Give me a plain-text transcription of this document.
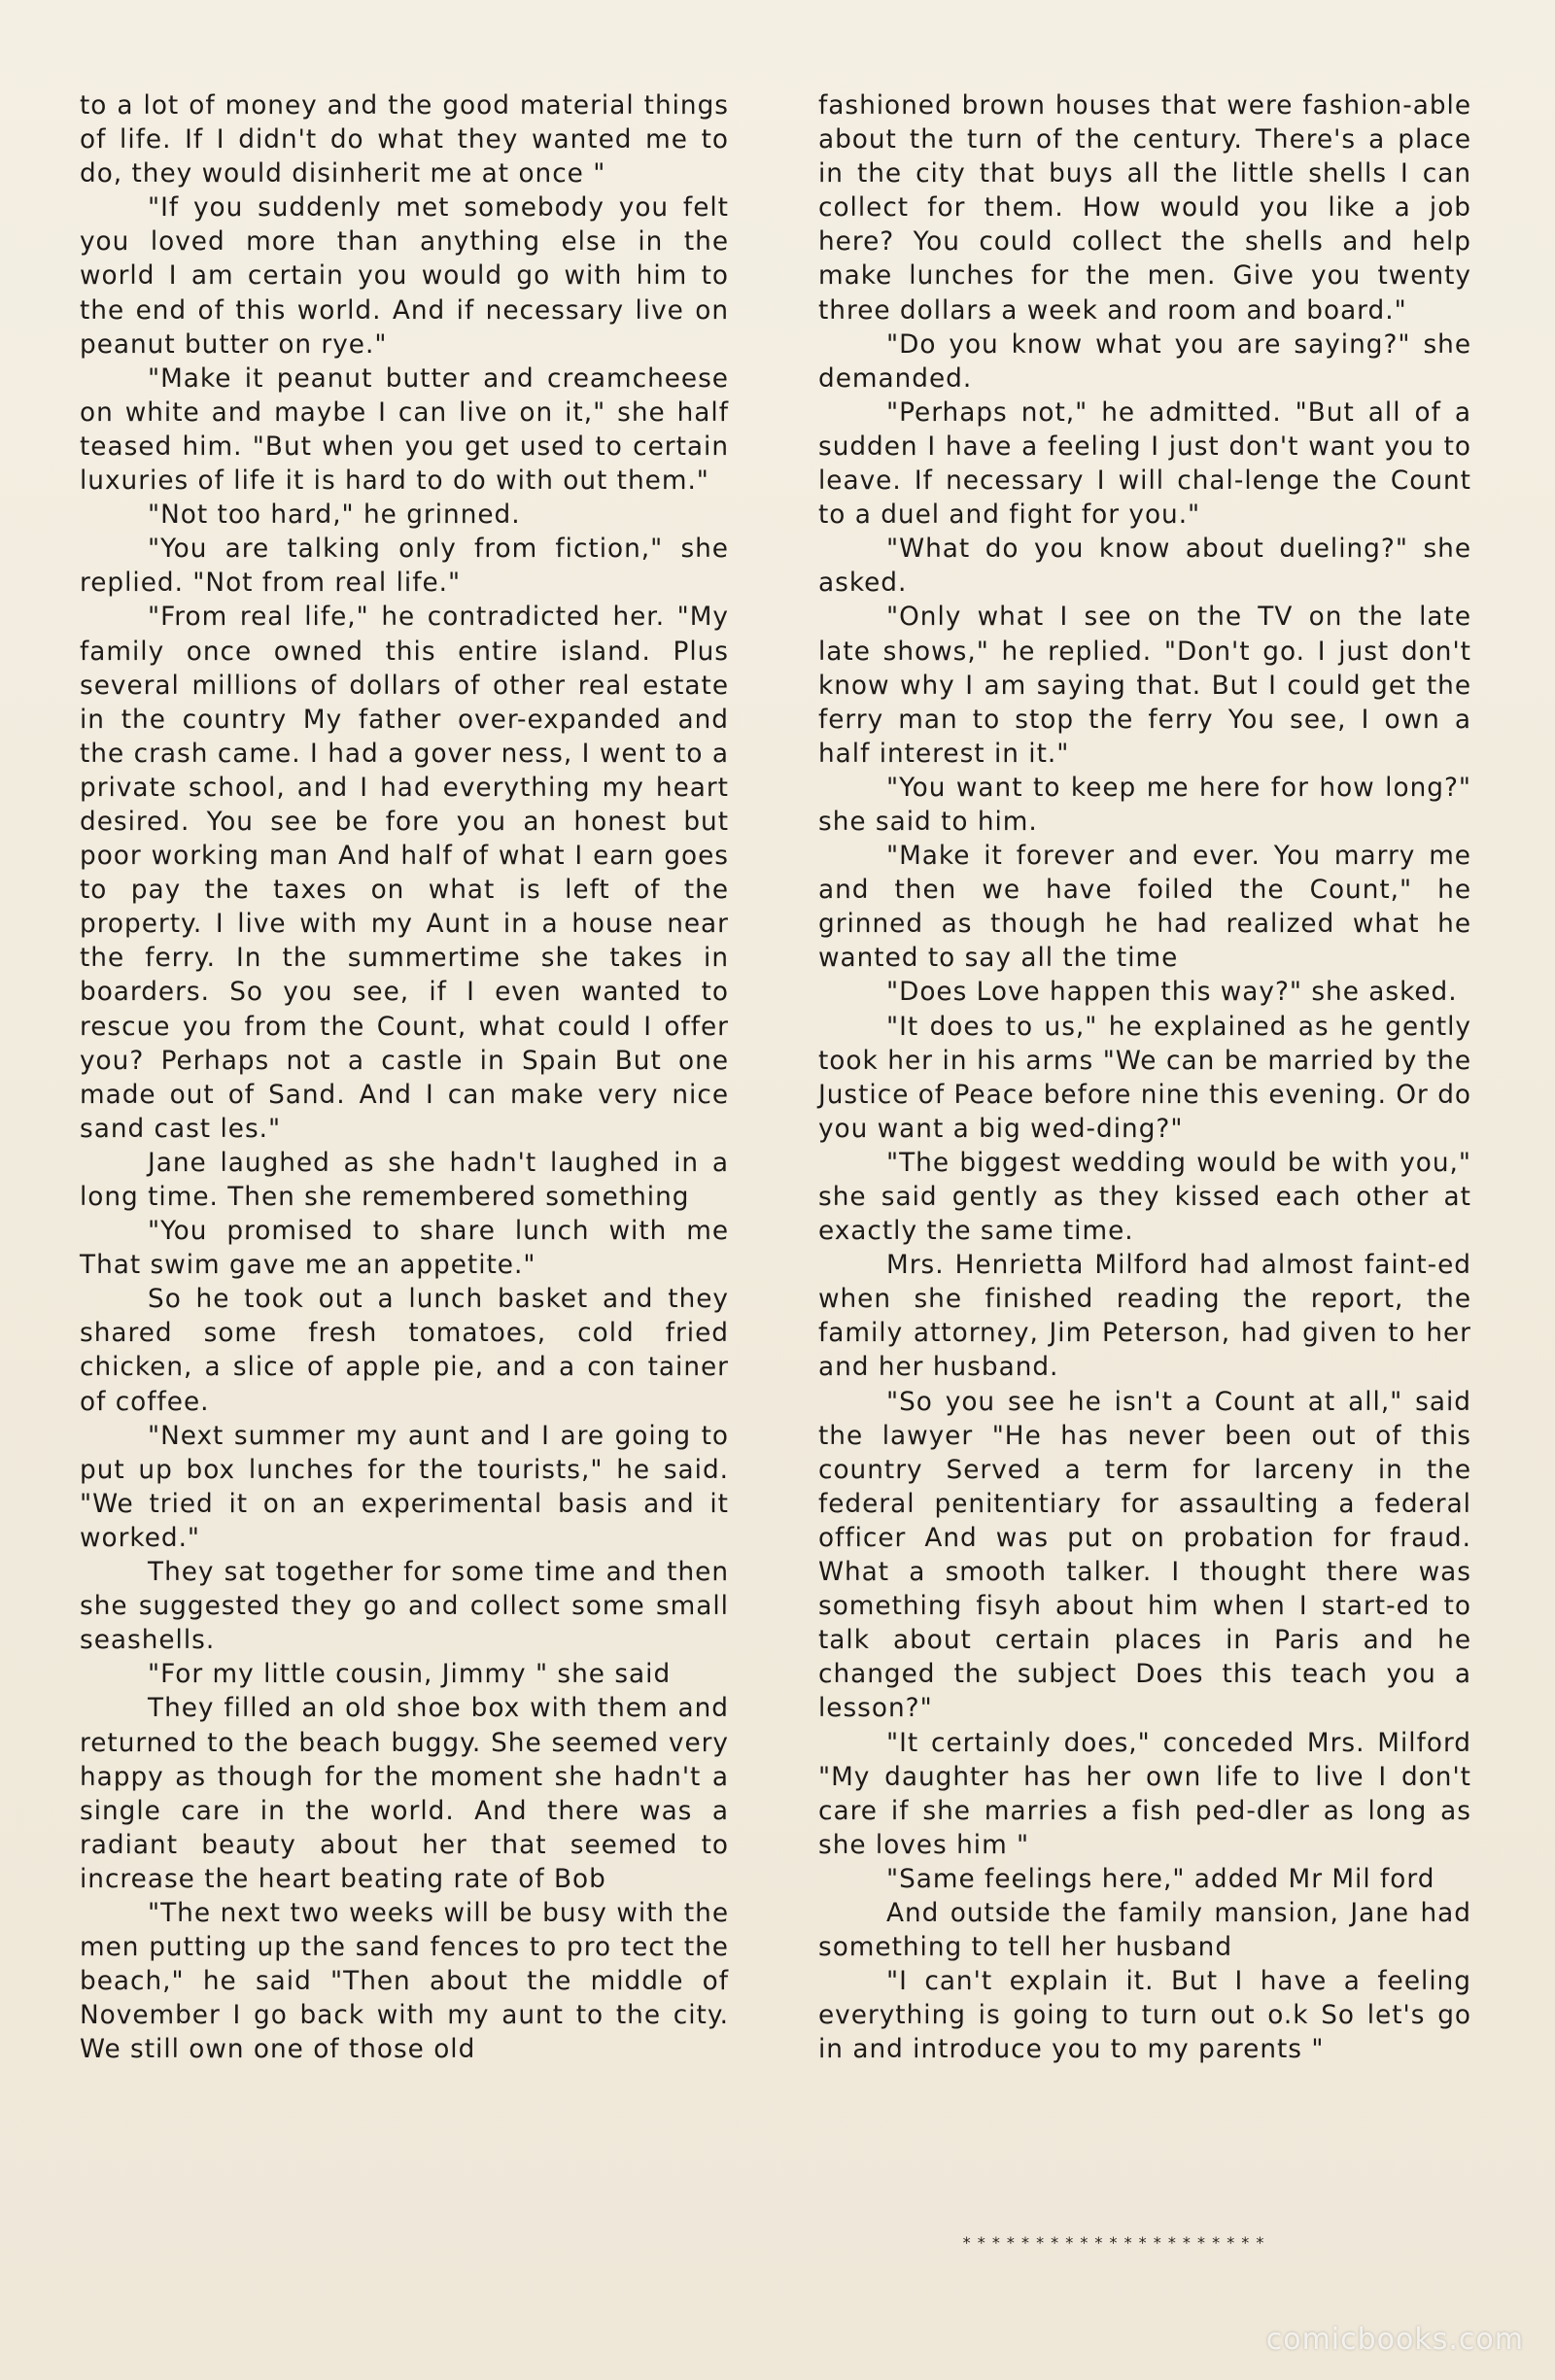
to a lot of money and the good material things of life. If I didn't do what they wanted me to do, they would disinherit me at once "

"If you suddenly met somebody you felt you loved more than anything else in the world I am certain you would go with him to the end of this world. And if necessary live on peanut butter on rye."

"Make it peanut butter and creamcheese on white and maybe I can live on it," she half teased him. "But when you get used to certain luxuries of life it is hard to do with out them."

"Not too hard," he grinned.

"You are talking only from fiction," she replied. "Not from real life."

"From real life," he contradicted her. "My family once owned this entire island. Plus several millions of dollars of other real estate in the country My father over-expanded and the crash came. I had a gover ness, I went to a private school, and I had everything my heart desired. You see be fore you an honest but poor working man And half of what I earn goes to pay the taxes on what is left of the property. I live with my Aunt in a house near the ferry. In the summertime she takes in boarders. So you see, if I even wanted to rescue you from the Count, what could I offer you? Perhaps not a castle in Spain But one made out of Sand. And I can make very nice sand cast les."

Jane laughed as she hadn't laughed in a long time. Then she remembered something

"You promised to share lunch with me That swim gave me an appetite."

So he took out a lunch basket and they shared some fresh tomatoes, cold fried chicken, a slice of apple pie, and a con tainer of coffee.

"Next summer my aunt and I are going to put up box lunches for the tourists," he said. "We tried it on an experimental basis and it worked."

They sat together for some time and then she suggested they go and collect some small seashells.

"For my little cousin, Jimmy " she said

They filled an old shoe box with them and returned to the beach buggy. She seemed very happy as though for the moment she hadn't a single care in the world. And there was a radiant beauty about her that seemed to increase the heart beating rate of Bob

"The next two weeks will be busy with the men putting up the sand fences to pro tect the beach," he said "Then about the middle of November I go back with my aunt to the city. We still own one of those old

fashioned brown houses that were fashion-able about the turn of the century. There's a place in the city that buys all the little shells I can collect for them. How would you like a job here? You could collect the shells and help make lunches for the men. Give you twenty three dollars a week and room and board."

"Do you know what you are saying?" she demanded.

"Perhaps not," he admitted. "But all of a sudden I have a feeling I just don't want you to leave. If necessary I will chal-lenge the Count to a duel and fight for you."

"What do you know about dueling?" she asked.

"Only what I see on the TV on the late late shows," he replied. "Don't go. I just don't know why I am saying that. But I could get the ferry man to stop the ferry You see, I own a half interest in it."

"You want to keep me here for how long?" she said to him.

"Make it forever and ever. You marry me and then we have foiled the Count," he grinned as though he had realized what he wanted to say all the time

"Does Love happen this way?" she asked.

"It does to us," he explained as he gently took her in his arms "We can be married by the Justice of Peace before nine this evening. Or do you want a big wed-ding?"

"The biggest wedding would be with you," she said gently as they kissed each other at exactly the same time.

Mrs. Henrietta Milford had almost faint-ed when she finished reading the report, the family attorney, Jim Peterson, had given to her and her husband.

"So you see he isn't a Count at all," said the lawyer "He has never been out of this country Served a term for larceny in the federal penitentiary for assaulting a federal officer And was put on probation for fraud. What a smooth talker. I thought there was something fisyh about him when I start-ed to talk about certain places in Paris and he changed the subject Does this teach you a lesson?"

"It certainly does," conceded Mrs. Milford "My daughter has her own life to live I don't care if she marries a fish ped-dler as long as she loves him "

"Same feelings here," added Mr Mil ford

And outside the family mansion, Jane had something to tell her husband

"I can't explain it. But I have a feeling everything is going to turn out o.k So let's go in and introduce you to my parents "

* * * * * * * * * * * * * * * * * * * * *
comicbooks.com
